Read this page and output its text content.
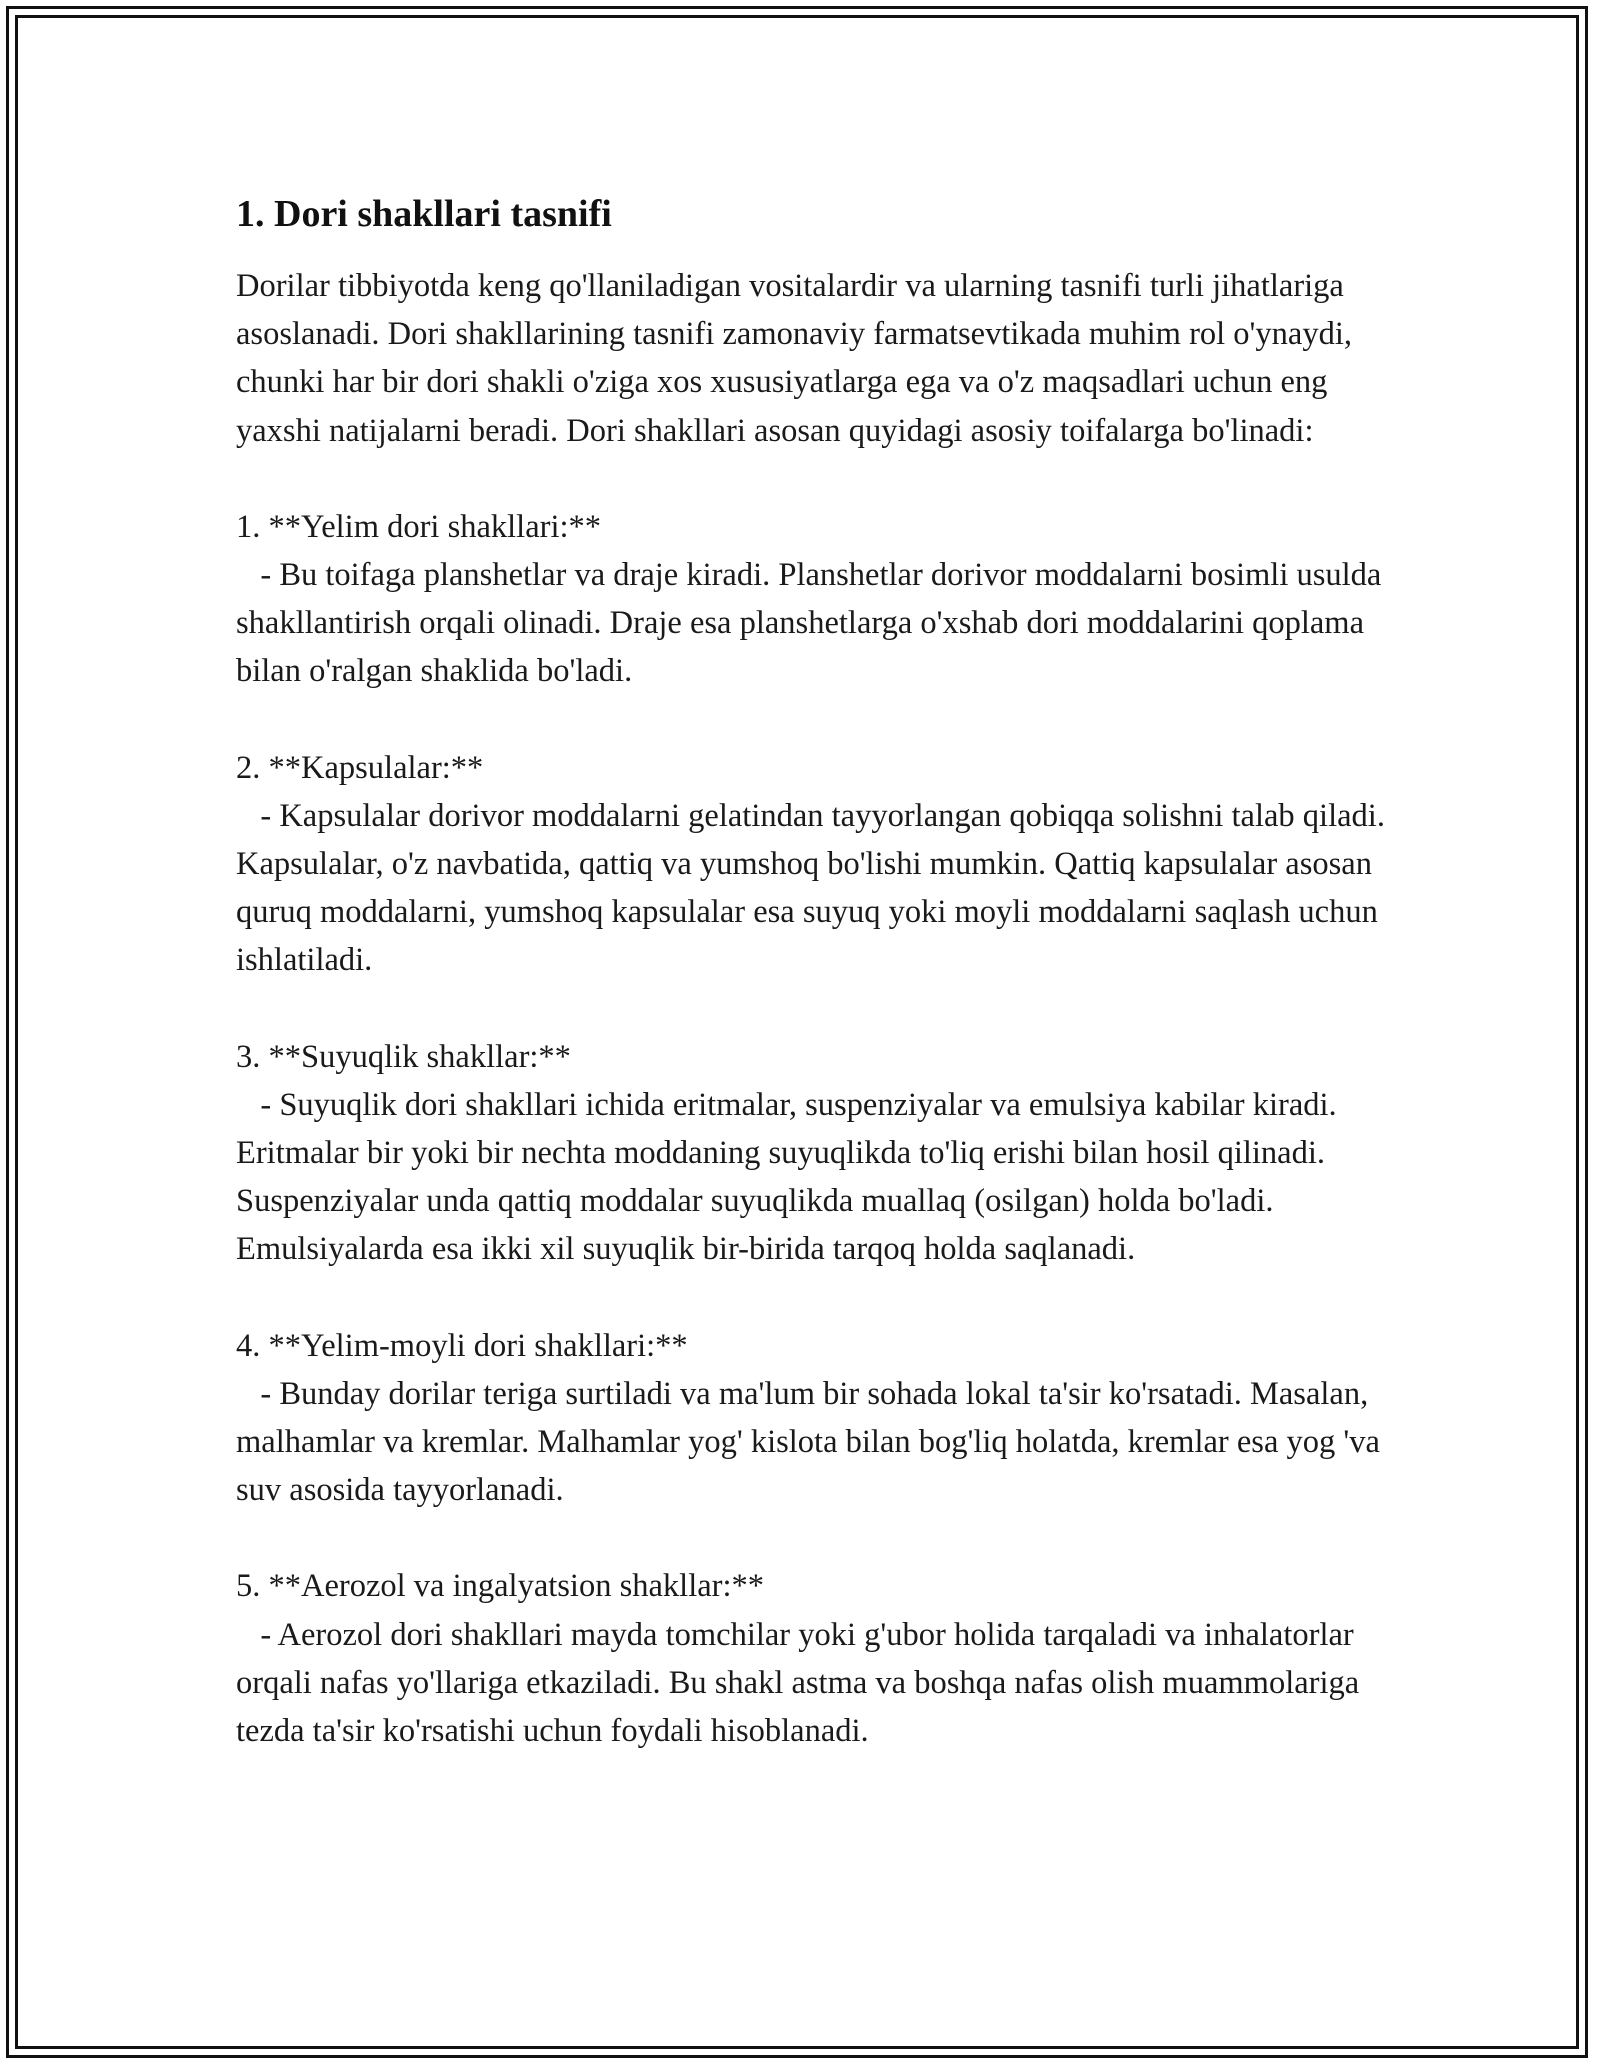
1. Dori shakllari tasnifi

Dorilar tibbiyotda keng qo'llaniladigan vositalardir va ularning tasnifi turli jihatlariga asoslanadi. Dori shakllarining tasnifi zamonaviy farmatsevtikada muhim rol o'ynaydi, chunki har bir dori shakli o'ziga xos xususiyatlarga ega va o'z maqsadlari uchun eng yaxshi natijalarni beradi. Dori shakllari asosan quyidagi asosiy toifalarga bo'linadi:

1. **Yelim dori shakllari:**
- Bu toifaga planshetlar va draje kiradi. Planshetlar dorivor moddalarni bosimli usulda shakllantirish orqali olinadi. Draje esa planshetlarga o'xshab dori moddalarini qoplama bilan o'ralgan shaklida bo'ladi.
2. **Kapsulalar:**
- Kapsulalar dorivor moddalarni gelatindan tayyorlangan qobiqqa solishni talab qiladi. Kapsulalar, o'z navbatida, qattiq va yumshoq bo'lishi mumkin. Qattiq kapsulalar asosan quruq moddalarni, yumshoq kapsulalar esa suyuq yoki moyli moddalarni saqlash uchun ishlatiladi.
3. **Suyuqlik shakllar:**
- Suyuqlik dori shakllari ichida eritmalar, suspenziyalar va emulsiya kabilar kiradi. Eritmalar bir yoki bir nechta moddaning suyuqlikda to'liq erishi bilan hosil qilinadi. Suspenziyalar unda qattiq moddalar suyuqlikda muallaq (osilgan) holda bo'ladi. Emulsiyalarda esa ikki xil suyuqlik bir-birida tarqoq holda saqlanadi.
4. **Yelim-moyli dori shakllari:**
- Bunday dorilar teriga surtiladi va ma'lum bir sohada lokal ta'sir ko'rsatadi. Masalan, malhamlar va kremlar. Malhamlar yog' kislota bilan bog'liq holatda, kremlar esa yog 'va suv asosida tayyorlanadi.
5. **Aerozol va ingalyatsion shakllar:**
- Aerozol dori shakllari mayda tomchilar yoki g'ubor holida tarqaladi va inhalatorlar orqali nafas yo'llariga etkaziladi. Bu shakl astma va boshqa nafas olish muammolariga tezda ta'sir ko'rsatishi uchun foydali hisoblanadi.
